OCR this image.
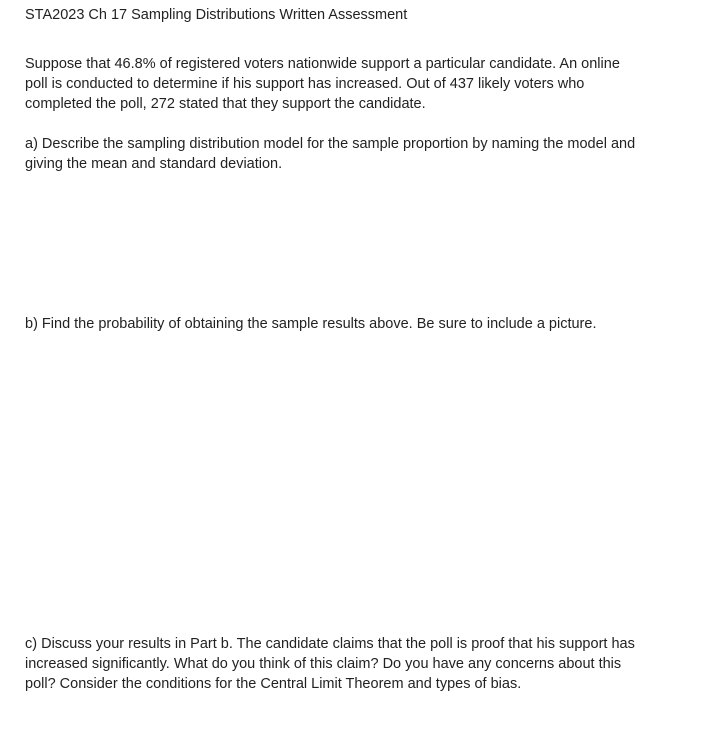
STA2023 Ch 17 Sampling Distributions Written Assessment

Suppose that 46.8% of registered voters nationwide support a particular candidate. An online
poll is conducted to determine if his support has increased. Out of 437 likely voters who
completed the poll, 272 stated that they support the candidate.

a) Describe the sampling distribution model for the sample proportion by naming the model and
giving the mean and standard deviation.

b) Find the probability of obtaining the sample results above. Be sure to include a picture.

c) Discuss your results in Part b. The candidate claims that the poll is proof that his support has
increased significantly. What do you think of this claim? Do you have any concerns about this
poll? Consider the conditions for the Central Limit Theorem and types of bias.
